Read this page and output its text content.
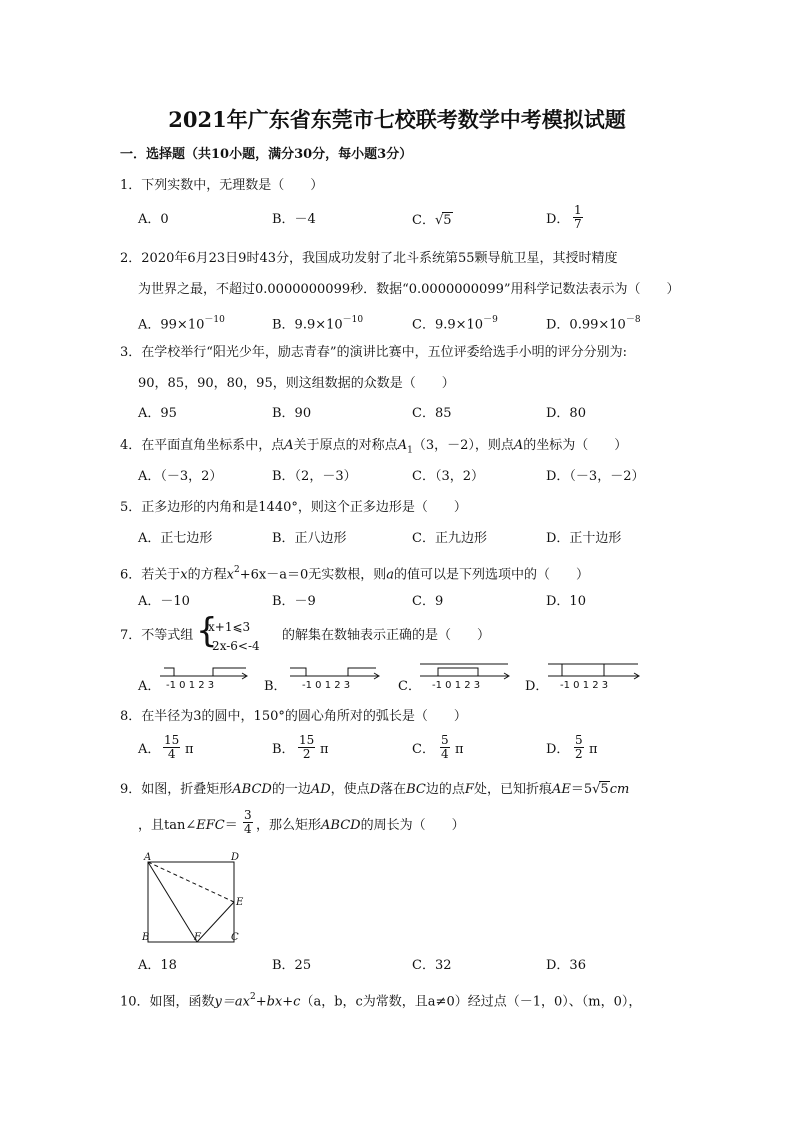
2021年广东省东莞市七校联考数学中考模拟试题
一．选择题（共10小题，满分30分，每小题3分）
1．下列实数中，无理数是（　　）
A．0	B．－4	C．√5	D． $\frac{1}{7}$
2．2020年6月23日9时43分，我国成功发射了北斗系统第55颗导航卫星，其授时精度
为世界之最，不超过0.0000000099秒．数据“0.0000000099”用科学记数法表示为（　　）
A．$99\times 10^{-10}$	B．$9.9\times 10^{-10}$	C．$9.9\times 10^{-9}$	D．$0.99\times 10^{-8}$
3．在学校举行“阳光少年，励志青春”的演讲比赛中，五位评委给选手小明的评分分别为:
90，85，90，80，95，则这组数据的众数是（　　）
A．95	B．90	C．85	D．80
4．在平面直角坐标系中，点A关于原点的对称点$A_1(3$，－2），则点A的坐标为（　　）
A．（－3，2）	B．（2，－3）	C．（3，2）	D．（－3，－2）
5．正多边形的内角和是1440°，则这个正多边形是（　　）
A．正七边形	B．正八边形	C．正九边形	D．正十边形
6．若关于x的方程$x^2+6x-a=0$无实数根，则a的值可以是下列选项中的（　　）
A．－10	B．－9	C．9	D．10
7．不等式组 {
x+1⩽3
-2x-6<-4
的解集在数轴表示正确的是（　　）
A．	B．	C．	D．
-1 0 1 2 3	-1 0 1 2 3	-1 0 1 2 3	-1 0 1 2 3
8．在半径为3的圆中，150°的圆心角所对的弧长是（　　）
A． $\frac{15}{4}$ π	B． $\frac{15}{2}$ π	C． $\frac{5}{4}$ π	D． $\frac{5}{2}$ π
9．如图，折叠矩形ABCD的一边AD，使点D落在BC边的点F处，已知折痕AE＝5√5cm
，且tan∠EFC＝ $\frac{3}{4}$ ，那么矩形ABCD的周长为（　　）
A	D
E
B	F	C
A．18	B．25	C．32	D．36
10．如图，函数$y=ax^2+bx+c(a$，b，c为常数，且a≠0）经过点（－1，0）、（m，0），
